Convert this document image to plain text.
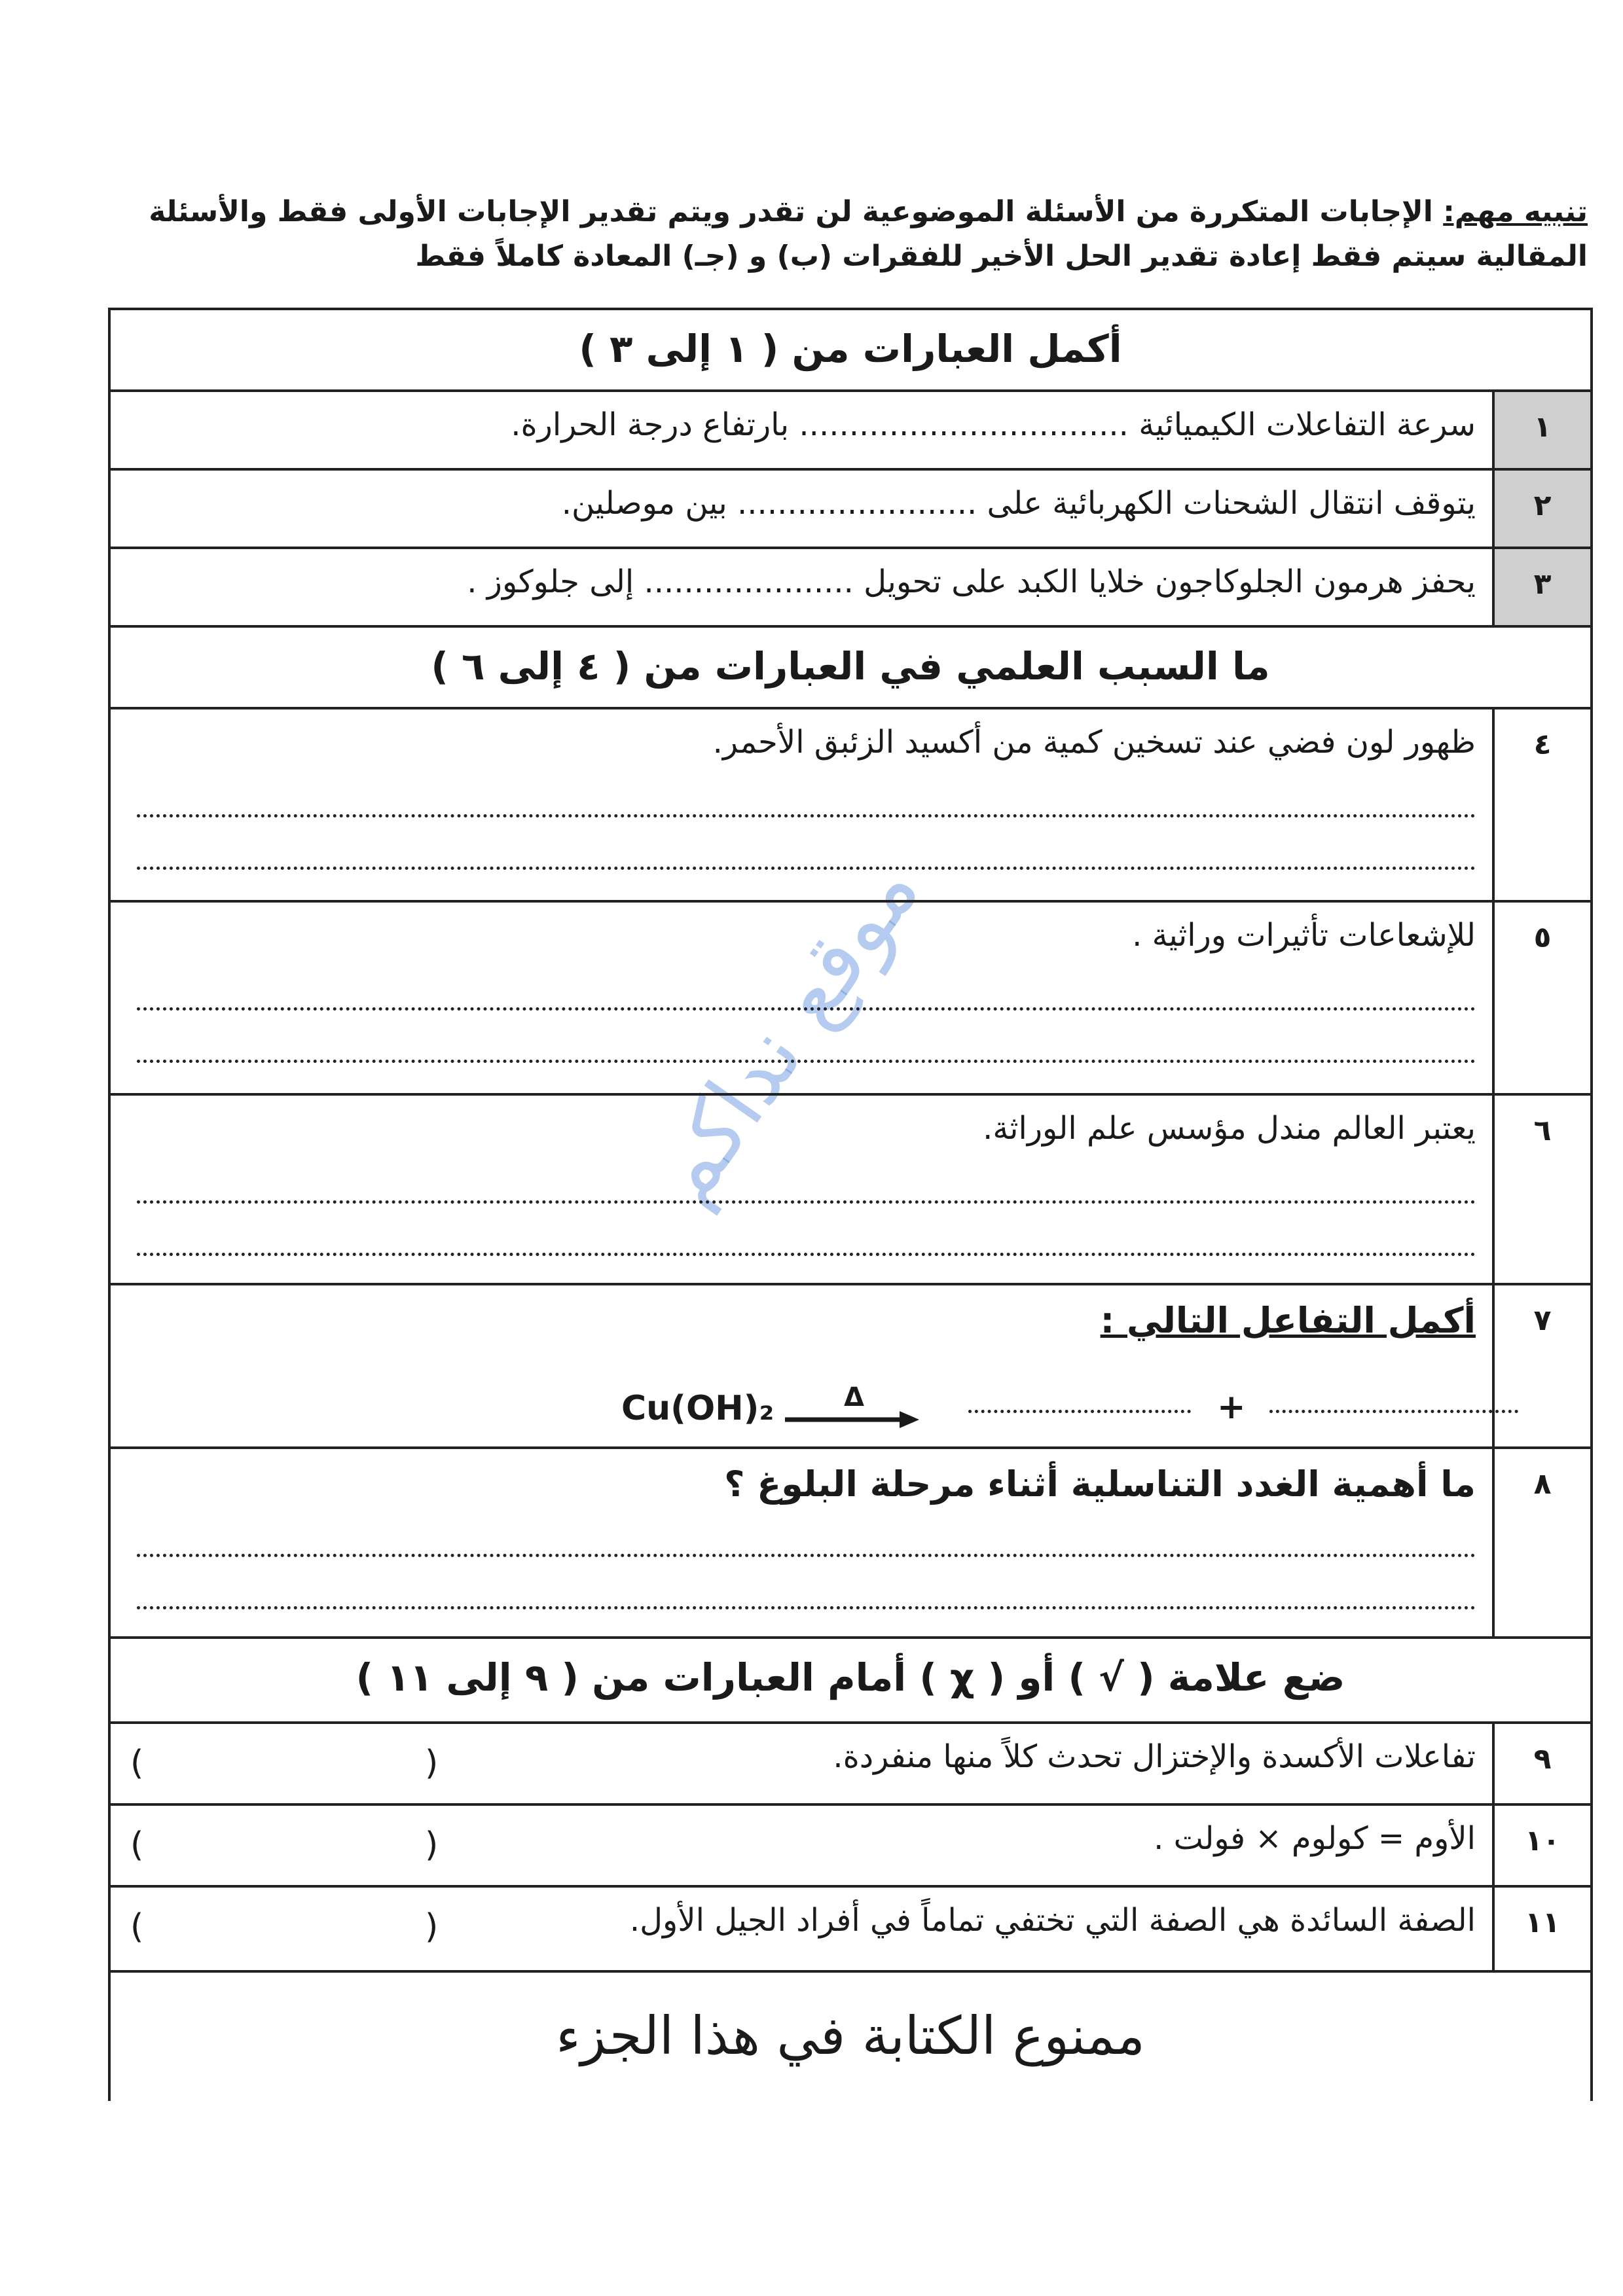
تنبيه مهم: الإجابات المتكررة من الأسئلة الموضوعية لن تقدر ويتم تقدير الإجابات الأولى فقط والأسئلة
المقالية سيتم فقط إعادة تقدير الحل الأخير للفقرات (ب) و (جـ) المعادة كاملاً فقط
موقع نداكم
أكمل العبارات من ( ١ إلى ٣ )
١
سرعة التفاعلات الكيميائية ................................. بارتفاع درجة الحرارة.
٢
يتوقف انتقال الشحنات الكهربائية على ........................ بين موصلين.
٣
يحفز هرمون الجلوكاجون خلايا الكبد على تحويل ..................... إلى جلوكوز .
ما السبب العلمي في العبارات من ( ٤ إلى ٦ )
٤
ظهور لون فضي عند تسخين كمية من أكسيد الزئبق الأحمر.
٥
للإشعاعات تأثيرات وراثية .
٦
يعتبر العالم مندل مؤسس علم الوراثة.
٧
أكمل التفاعل التالي :
Cu(OH)₂	Δ	+
٨
ما أهمية الغدد التناسلية أثناء مرحلة البلوغ ؟
ضع علامة ( √ ) أو ( χ ) أمام العبارات من ( ٩ إلى ١١ )
٩
تفاعلات الأكسدة والإختزال تحدث كلاً منها منفردة.
(
)
١٠
الأوم = كولوم × فولت .
(
)
١١
الصفة السائدة هي الصفة التي تختفي تماماً في أفراد الجيل الأول.
(
)
ممنوع الكتابة في هذا الجزء
